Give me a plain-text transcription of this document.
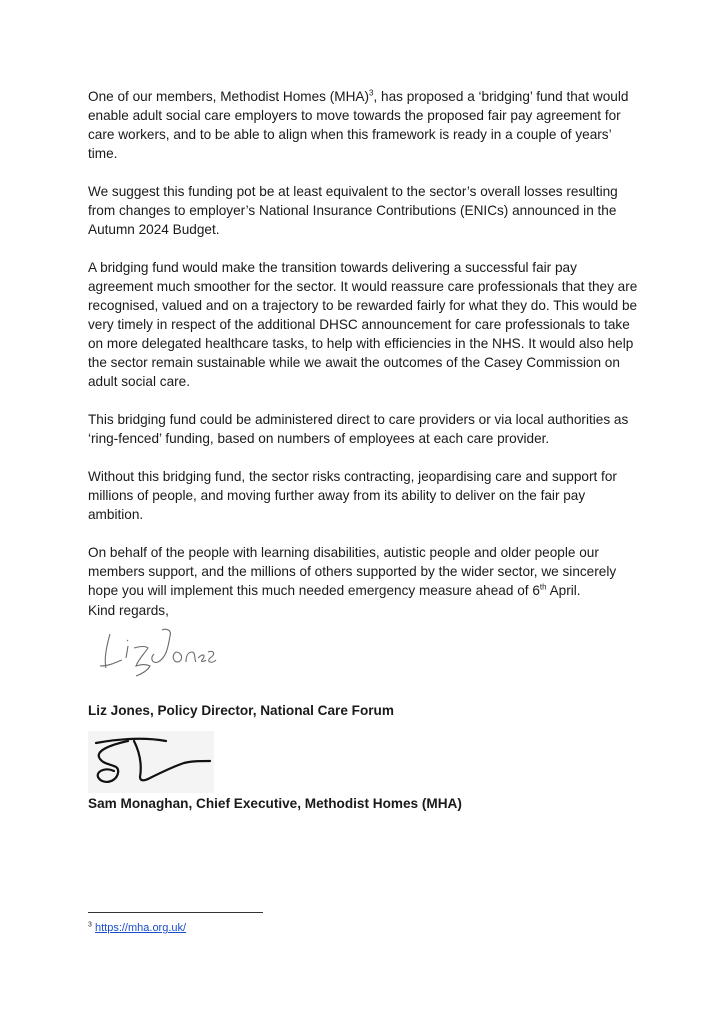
One of our members, Methodist Homes (MHA)$^3$, has proposed a ‘bridging’ fund that would enable adult social care employers to move towards the proposed fair pay agreement for care workers, and to be able to align when this framework is ready in a couple of years’ time.

We suggest this funding pot be at least equivalent to the sector’s overall losses resulting from changes to employer’s National Insurance Contributions (ENICs) announced in the Autumn 2024 Budget.

A bridging fund would make the transition towards delivering a successful fair pay agreement much smoother for the sector. It would reassure care professionals that they are recognised, valued and on a trajectory to be rewarded fairly for what they do. This would be very timely in respect of the additional DHSC announcement for care professionals to take on more delegated healthcare tasks, to help with efficiencies in the NHS. It would also help the sector remain sustainable while we await the outcomes of the Casey Commission on adult social care.

This bridging fund could be administered direct to care providers or via local authorities as ‘ring-fenced’ funding, based on numbers of employees at each care provider.

Without this bridging fund, the sector risks contracting, jeopardising care and support for millions of people, and moving further away from its ability to deliver on the fair pay ambition.

On behalf of the people with learning disabilities, autistic people and older people our members support, and the millions of others supported by the wider sector, we sincerely hope you will implement this much needed emergency measure ahead of 6th April.

Kind regards,

Liz Jones, Policy Director, National Care Forum

Sam Monaghan, Chief Executive, Methodist Homes (MHA)

$^3$ https://mha.org.uk/
